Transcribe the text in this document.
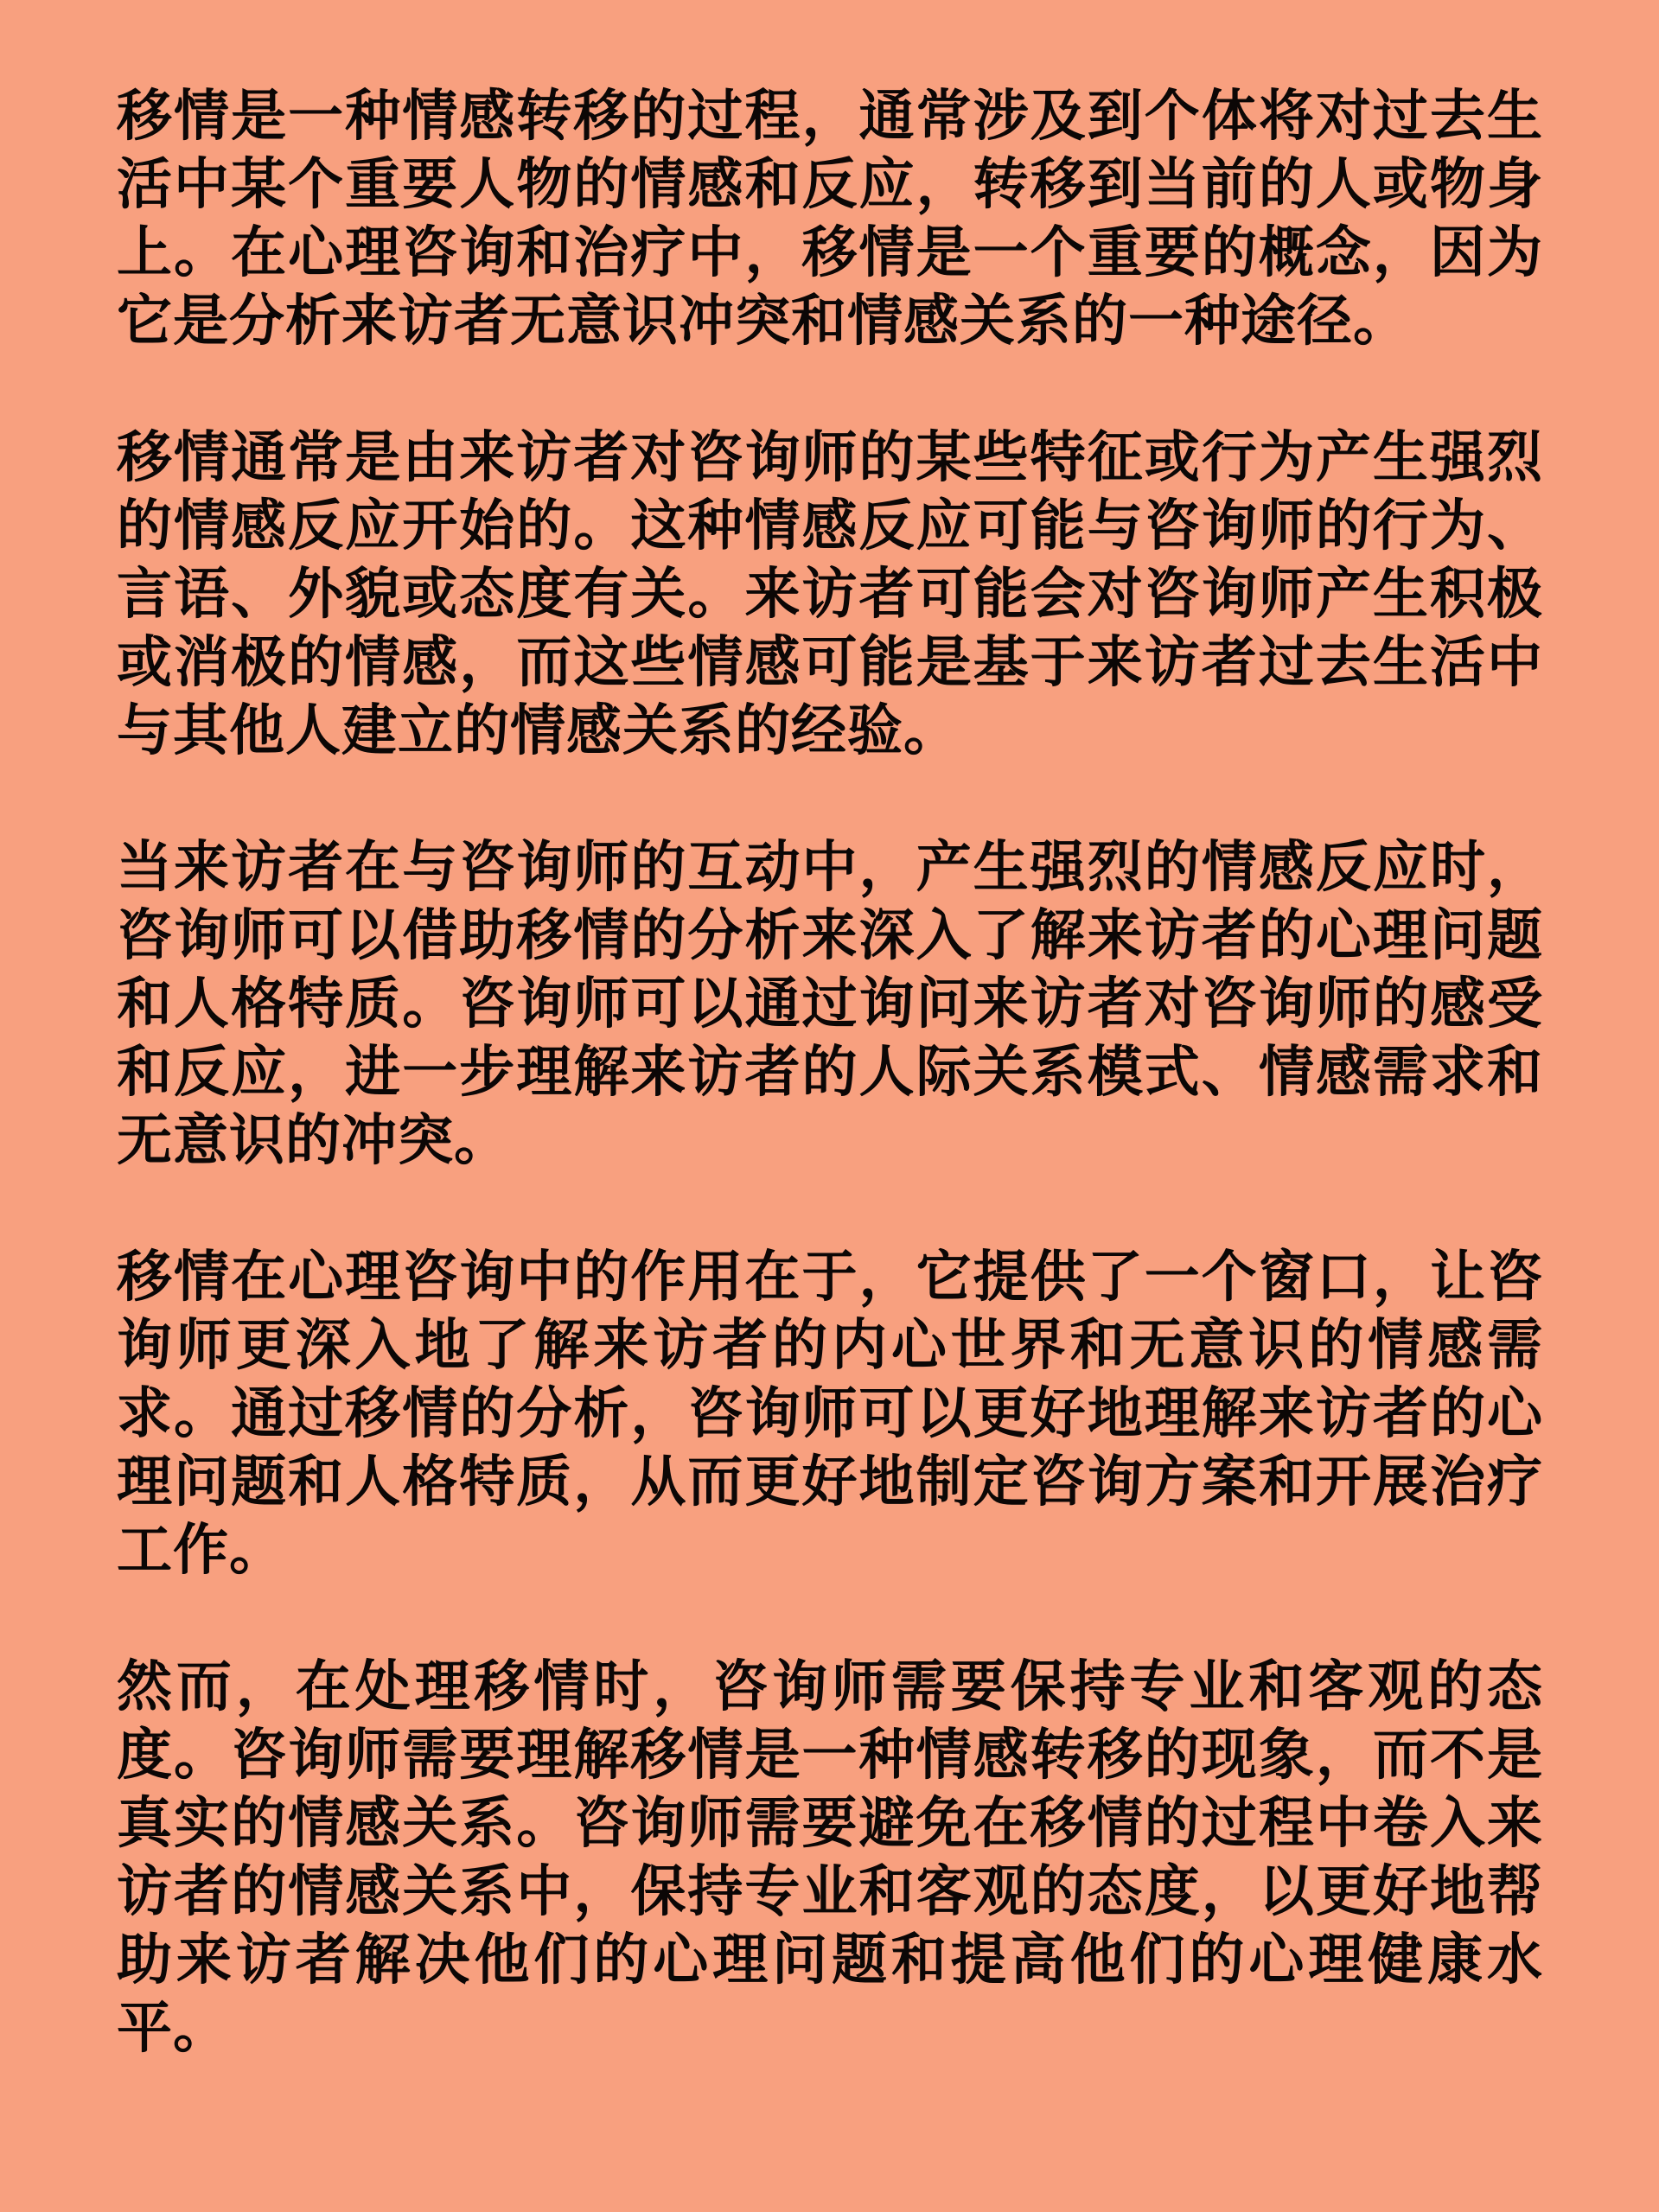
移情是一种情感转移的过程，通常涉及到个体将对过去生活中某个重要人物的情感和反应，转移到当前的人或物身上。在心理咨询和治疗中，移情是一个重要的概念，因为它是分析来访者无意识冲突和情感关系的一种途径。

移情通常是由来访者对咨询师的某些特征或行为产生强烈的情感反应开始的。这种情感反应可能与咨询师的行为、言语、外貌或态度有关。来访者可能会对咨询师产生积极或消极的情感，而这些情感可能是基于来访者过去生活中与其他人建立的情感关系的经验。

当来访者在与咨询师的互动中，产生强烈的情感反应时，咨询师可以借助移情的分析来深入了解来访者的心理问题和人格特质。咨询师可以通过询问来访者对咨询师的感受和反应，进一步理解来访者的人际关系模式、情感需求和无意识的冲突。

移情在心理咨询中的作用在于，它提供了一个窗口，让咨询师更深入地了解来访者的内心世界和无意识的情感需求。通过移情的分析，咨询师可以更好地理解来访者的心理问题和人格特质，从而更好地制定咨询方案和开展治疗工作。

然而，在处理移情时，咨询师需要保持专业和客观的态度。咨询师需要理解移情是一种情感转移的现象，而不是真实的情感关系。咨询师需要避免在移情的过程中卷入来访者的情感关系中，保持专业和客观的态度，以更好地帮助来访者解决他们的心理问题和提高他们的心理健康水平。
